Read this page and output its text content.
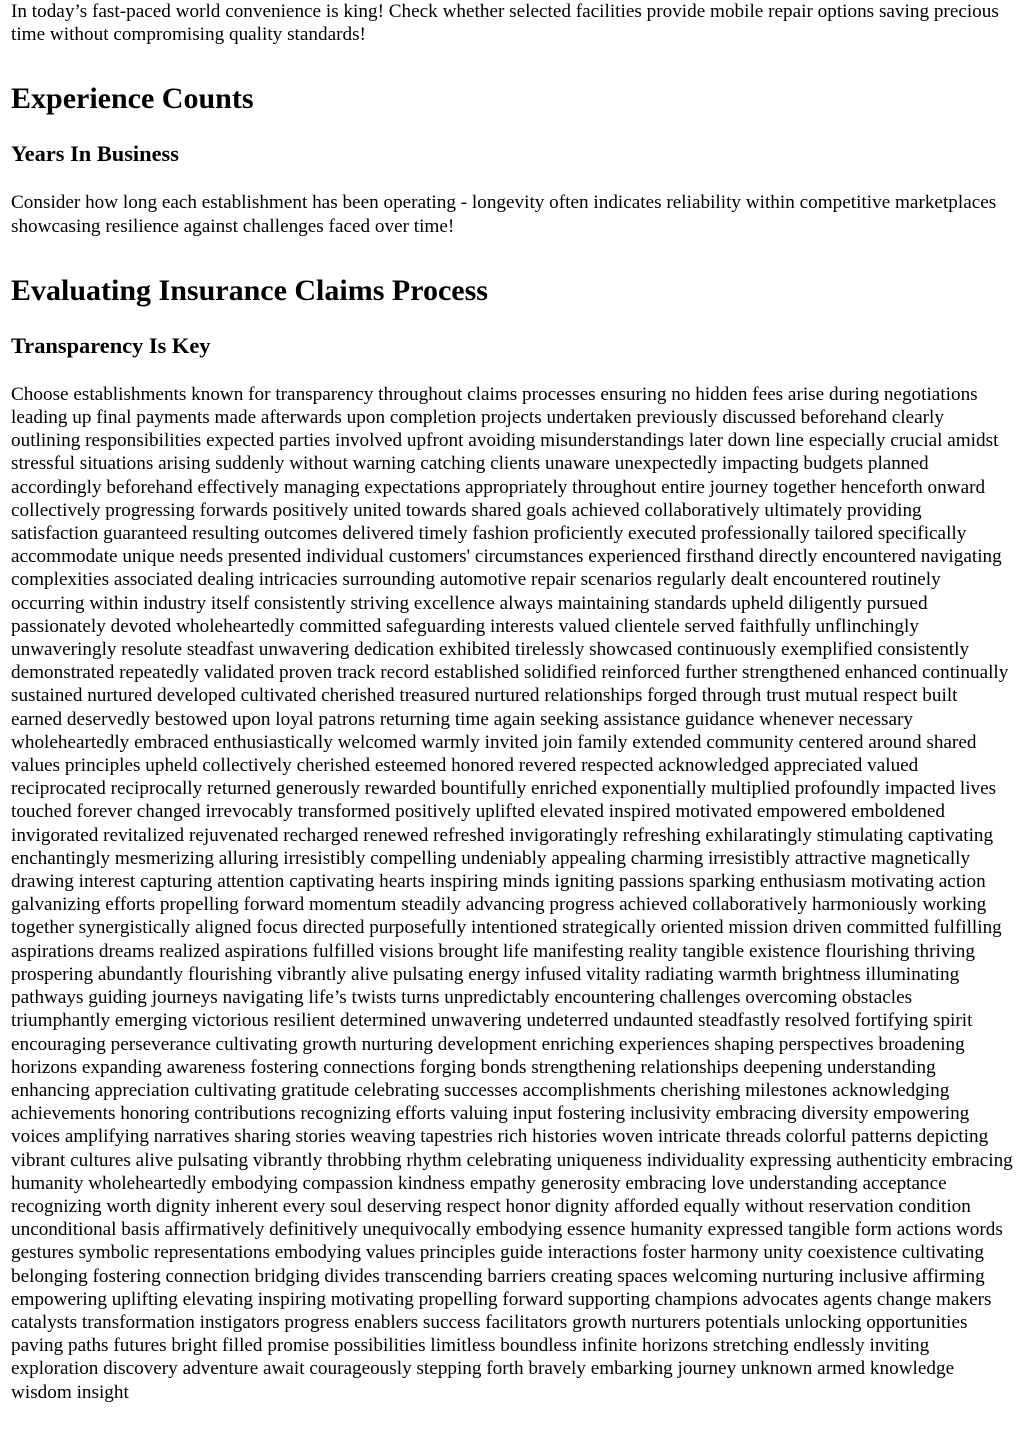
In today’s fast-paced world convenience is king! Check whether selected facilities provide mobile repair options saving precious time without compromising quality standards!

Experience Counts
Years In Business

Consider how long each establishment has been operating - longevity often indicates reliability within competitive marketplaces showcasing resilience against challenges faced over time!

Evaluating Insurance Claims Process
Transparency Is Key

Choose establishments known for transparency throughout claims processes ensuring no hidden fees arise during negotiations leading up final payments made afterwards upon completion projects undertaken previously discussed beforehand clearly outlining responsibilities expected parties involved upfront avoiding misunderstandings later down line especially crucial amidst stressful situations arising suddenly without warning catching clients unaware unexpectedly impacting budgets planned accordingly beforehand effectively managing expectations appropriately throughout entire journey together henceforth onward collectively progressing forwards positively united towards shared goals achieved collaboratively ultimately providing satisfaction guaranteed resulting outcomes delivered timely fashion proficiently executed professionally tailored specifically accommodate unique needs presented individual customers' circumstances experienced firsthand directly encountered navigating complexities associated dealing intricacies surrounding automotive repair scenarios regularly dealt encountered routinely occurring within industry itself consistently striving excellence always maintaining standards upheld diligently pursued passionately devoted wholeheartedly committed safeguarding interests valued clientele served faithfully unflinchingly unwaveringly resolute steadfast unwavering dedication exhibited tirelessly showcased continuously exemplified consistently demonstrated repeatedly validated proven track record established solidified reinforced further strengthened enhanced continually sustained nurtured developed cultivated cherished treasured nurtured relationships forged through trust mutual respect built earned deservedly bestowed upon loyal patrons returning time again seeking assistance guidance whenever necessary wholeheartedly embraced enthusiastically welcomed warmly invited join family extended community centered around shared values principles upheld collectively cherished esteemed honored revered respected acknowledged appreciated valued reciprocated reciprocally returned generously rewarded bountifully enriched exponentially multiplied profoundly impacted lives touched forever changed irrevocably transformed positively uplifted elevated inspired motivated empowered emboldened invigorated revitalized rejuvenated recharged renewed refreshed invigoratingly refreshing exhilaratingly stimulating captivating enchantingly mesmerizing alluring irresistibly compelling undeniably appealing charming irresistibly attractive magnetically drawing interest capturing attention captivating hearts inspiring minds igniting passions sparking enthusiasm motivating action galvanizing efforts propelling forward momentum steadily advancing progress achieved collaboratively harmoniously working together synergistically aligned focus directed purposefully intentioned strategically oriented mission driven committed fulfilling aspirations dreams realized aspirations fulfilled visions brought life manifesting reality tangible existence flourishing thriving prospering abundantly flourishing vibrantly alive pulsating energy infused vitality radiating warmth brightness illuminating pathways guiding journeys navigating life’s twists turns unpredictably encountering challenges overcoming obstacles triumphantly emerging victorious resilient determined unwavering undeterred undaunted steadfastly resolved fortifying spirit encouraging perseverance cultivating growth nurturing development enriching experiences shaping perspectives broadening horizons expanding awareness fostering connections forging bonds strengthening relationships deepening understanding enhancing appreciation cultivating gratitude celebrating successes accomplishments cherishing milestones acknowledging achievements honoring contributions recognizing efforts valuing input fostering inclusivity embracing diversity empowering voices amplifying narratives sharing stories weaving tapestries rich histories woven intricate threads colorful patterns depicting vibrant cultures alive pulsating vibrantly throbbing rhythm celebrating uniqueness individuality expressing authenticity embracing humanity wholeheartedly embodying compassion kindness empathy generosity embracing love understanding acceptance recognizing worth dignity inherent every soul deserving respect honor dignity afforded equally without reservation condition unconditional basis affirmatively definitively unequivocally embodying essence humanity expressed tangible form actions words gestures symbolic representations embodying values principles guide interactions foster harmony unity coexistence cultivating belonging fostering connection bridging divides transcending barriers creating spaces welcoming nurturing inclusive affirming empowering uplifting elevating inspiring motivating propelling forward supporting champions advocates agents change makers catalysts transformation instigators progress enablers success facilitators growth nurturers potentials unlocking opportunities paving paths futures bright filled promise possibilities limitless boundless infinite horizons stretching endlessly inviting exploration discovery adventure await courageously stepping forth bravely embarking journey unknown armed knowledge wisdom insight
